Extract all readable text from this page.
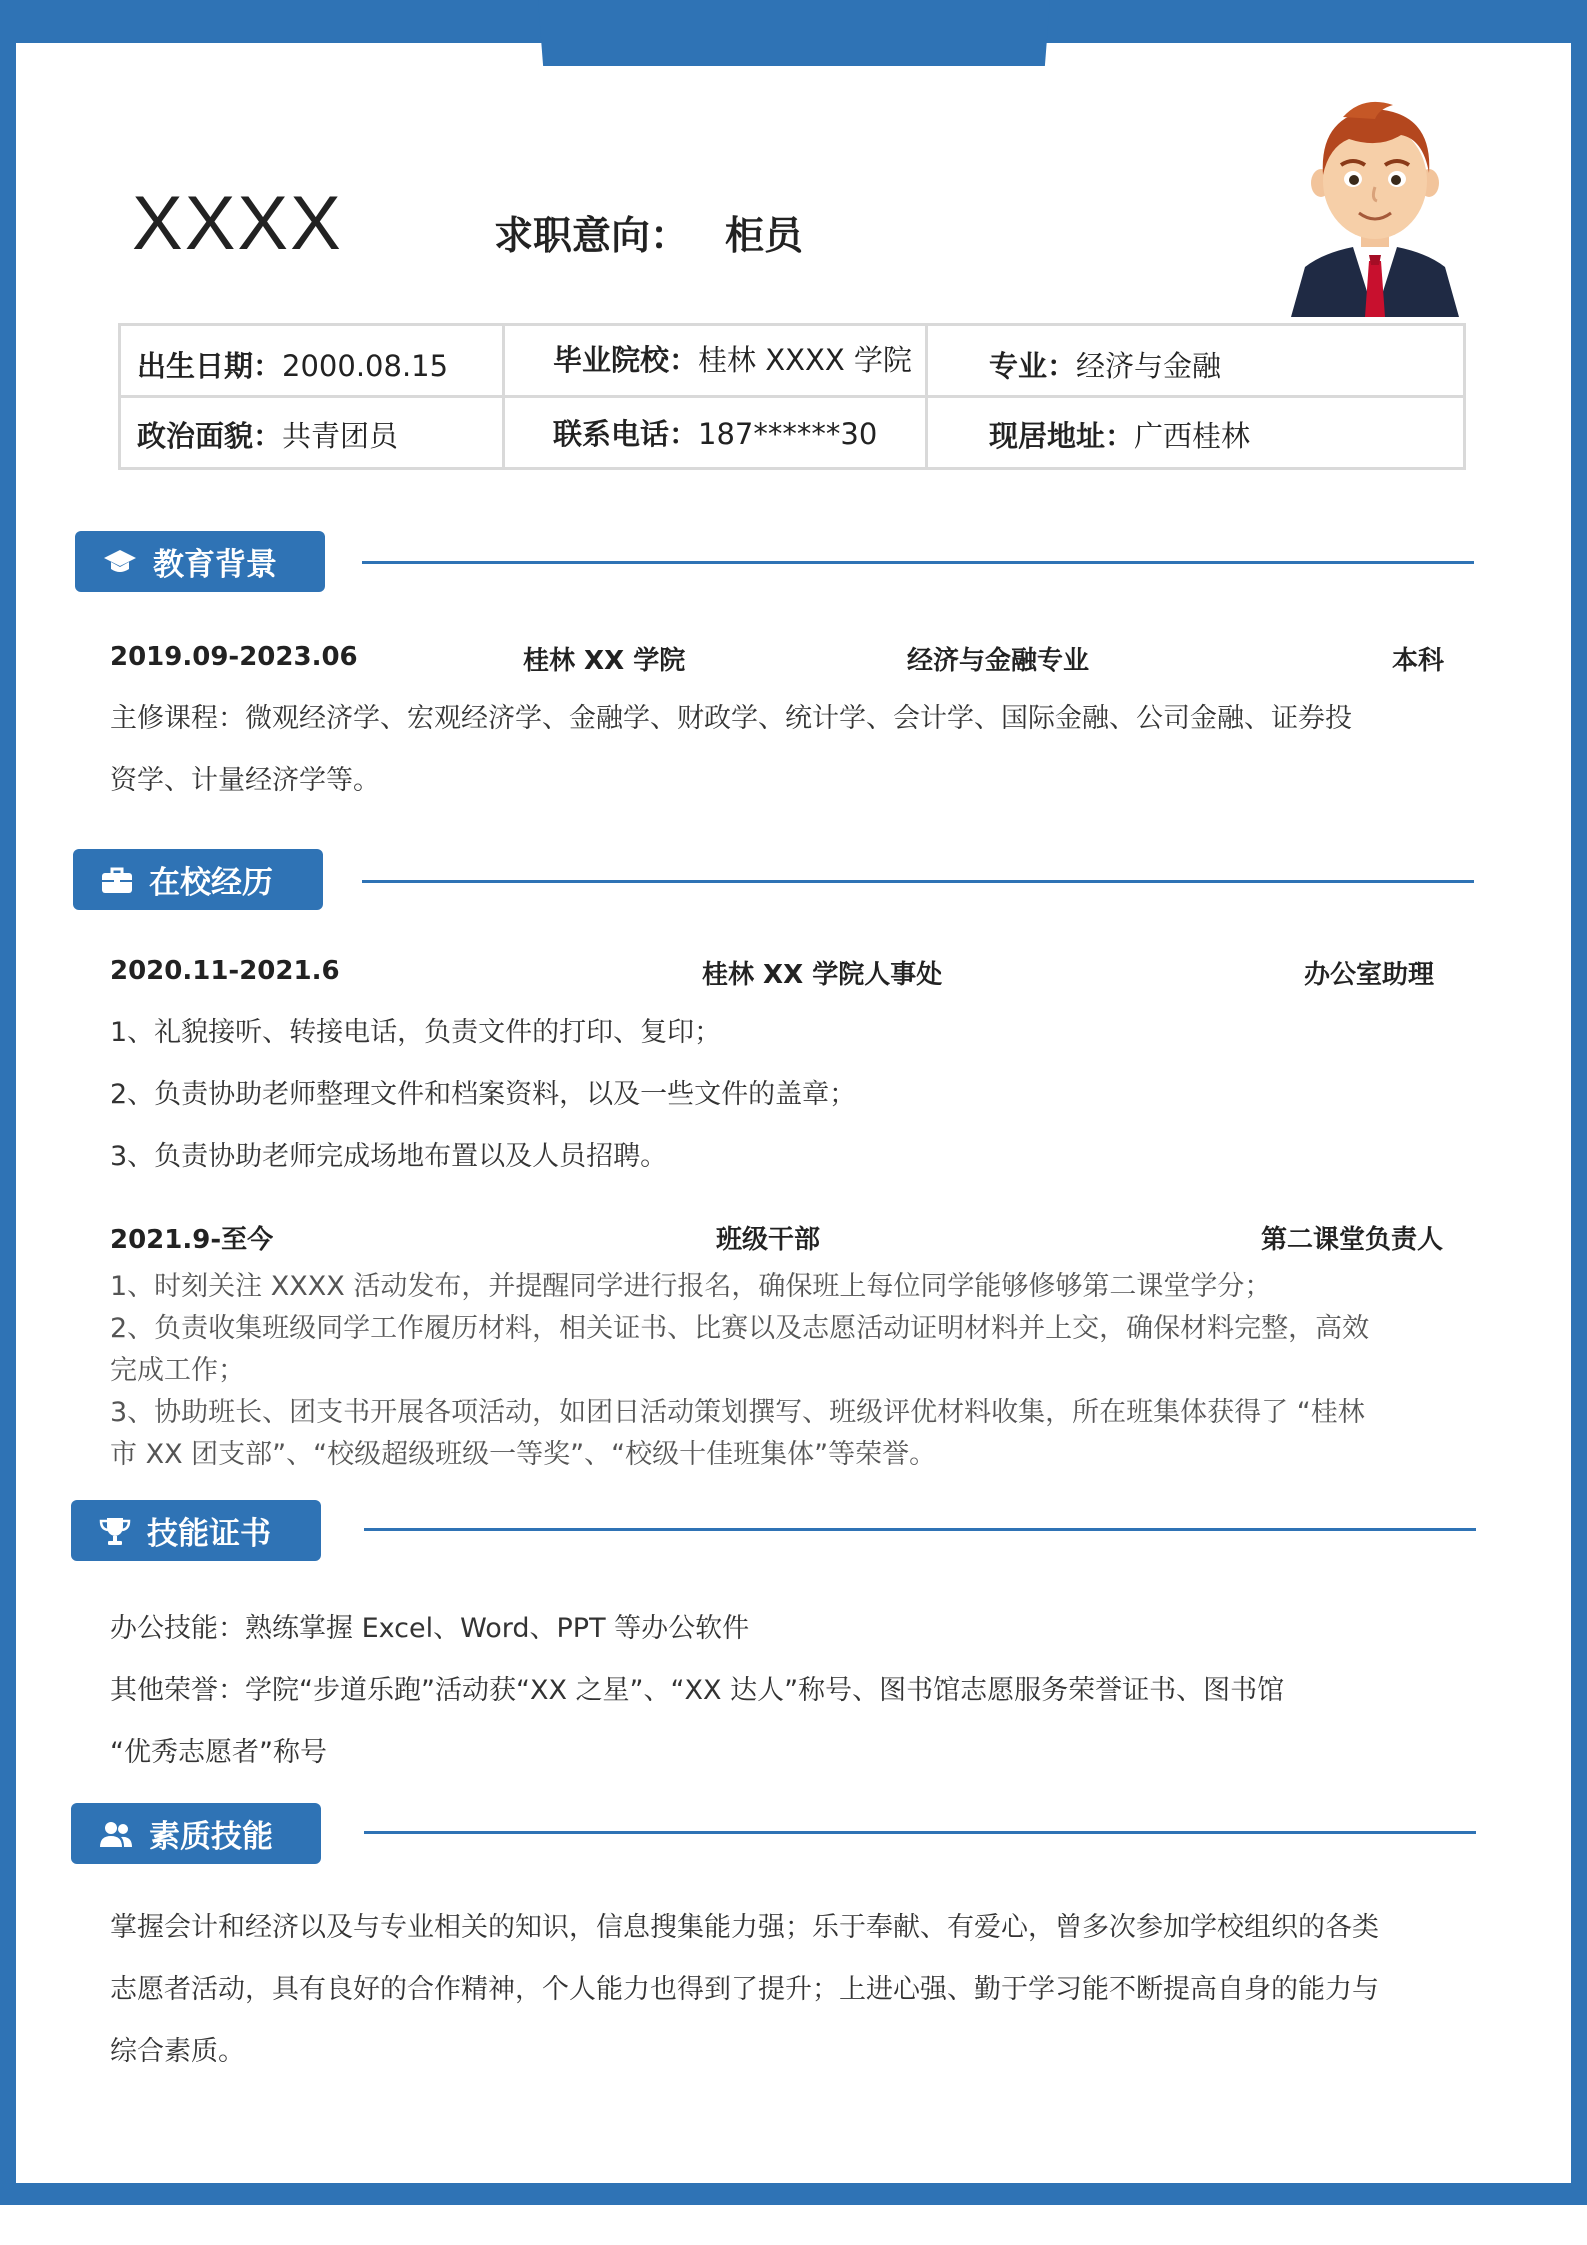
XXXX	求职意向： 柜员
出生日期：2000.08.15	毕业院校：桂林 XXXX 学院	专业：经济与金融
政治面貌：共青团员	联系电话：187******30	现居地址：广西桂林
教育背景
2019.09-2023.06	桂林 XX 学院	经济与金融专业	本科
主修课程：微观经济学、宏观经济学、金融学、财政学、统计学、会计学、国际金融、公司金融、证券投
资学、计量经济学等。
在校经历
2020.11-2021.6	桂林 XX 学院人事处	办公室助理
1、礼貌接听、转接电话，负责文件的打印、复印；
2、负责协助老师整理文件和档案资料，以及一些文件的盖章；
3、负责协助老师完成场地布置以及人员招聘。
2021.9-至今	班级干部	第二课堂负责人
1、时刻关注 XXXX 活动发布，并提醒同学进行报名，确保班上每位同学能够修够第二课堂学分；
2、负责收集班级同学工作履历材料，相关证书、比赛以及志愿活动证明材料并上交，确保材料完整，高效
完成工作；
3、协助班长、团支书开展各项活动，如团日活动策划撰写、班级评优材料收集，所在班集体获得了 “桂林
市 XX 团支部”、“校级超级班级一等奖”、“校级十佳班集体”等荣誉。
技能证书
办公技能：熟练掌握 Excel、Word、PPT 等办公软件
其他荣誉：学院“步道乐跑”活动获“XX 之星”、“XX 达人”称号、图书馆志愿服务荣誉证书、图书馆
“优秀志愿者”称号
素质技能
掌握会计和经济以及与专业相关的知识，信息搜集能力强；乐于奉献、有爱心，曾多次参加学校组织的各类
志愿者活动，具有良好的合作精神，个人能力也得到了提升；上进心强、勤于学习能不断提高自身的能力与
综合素质。
